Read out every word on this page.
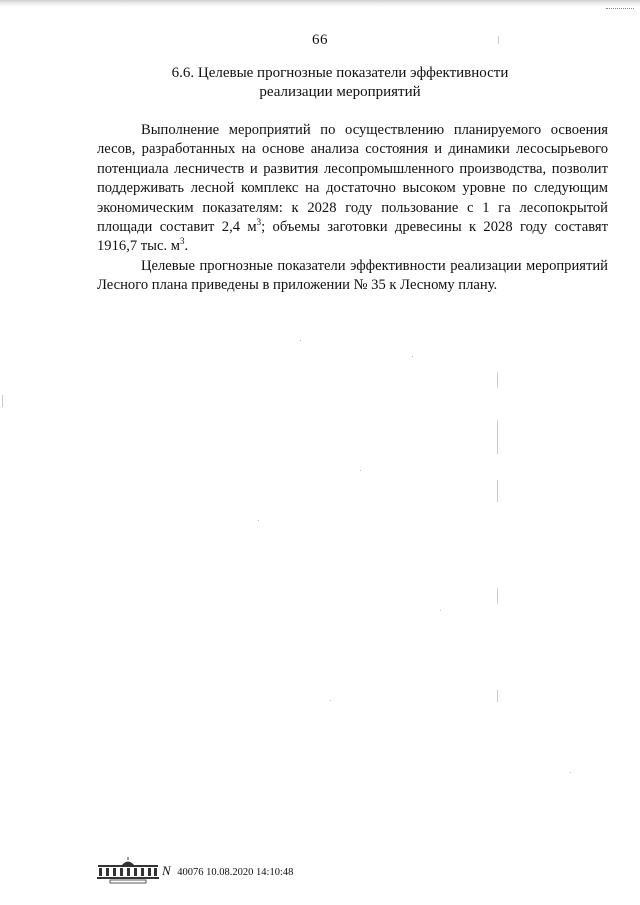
66
6.6. Целевые прогнозные показатели эффективности
реализации мероприятий

Выполнение мероприятий по осуществлению планируемого освоения лесов, разработанных на основе анализа состояния и динамики лесосырьевого потенциала лесничеств и развития лесопромышленного производства, позволит поддерживать лесной комплекс на достаточно высоком уровне по следующим экономическим показателям: к 2028 году пользование с 1 га лесопокрытой площади составит 2,4 $м^3$; объемы заготовки древесины к 2028 году составят 1916,7 тыс. $м^3$.

Целевые прогнозные показатели эффективности реализации мероприятий Лесного плана приведены в приложении № 35 к Лесному плану.

N 40076 10.08.2020 14:10:48
